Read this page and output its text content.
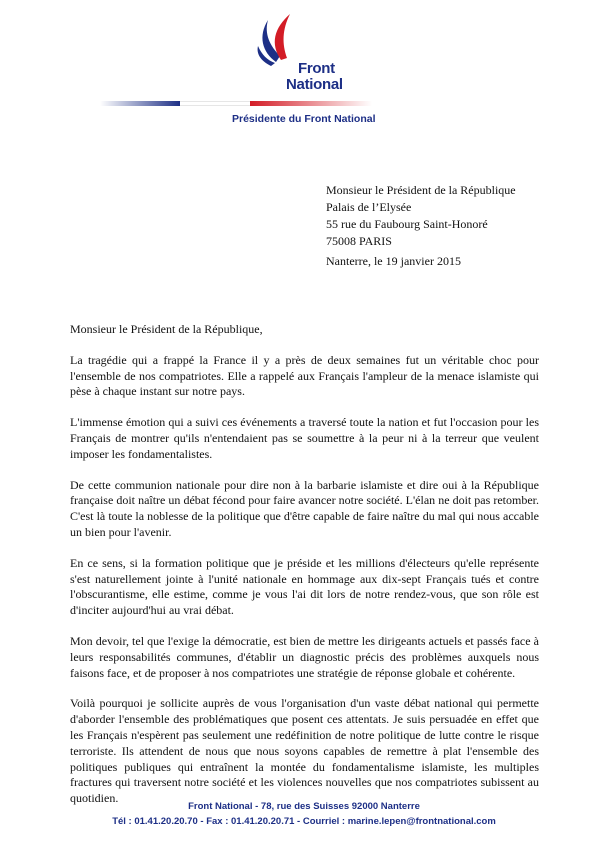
Front
National
Présidente du Front National
Monsieur le Président de la République
Palais de l’Elysée
55 rue du Faubourg Saint-Honoré
75008 PARIS
Nanterre, le 19 janvier 2015

Monsieur le Président de la République,

La tragédie qui a frappé la France il y a près de deux semaines fut un véritable choc pour l'ensemble de nos compatriotes. Elle a rappelé aux Français l'ampleur de la menace islamiste qui pèse à chaque instant sur notre pays.

L'immense émotion qui a suivi ces événements a traversé toute la nation et fut l'occasion pour les Français de montrer qu'ils n'entendaient pas se soumettre à la peur ni à la terreur que veulent imposer les fondamentalistes.

De cette communion nationale pour dire non à la barbarie islamiste et dire oui à la République française doit naître un débat fécond pour faire avancer notre société. L'élan ne doit pas retomber. C'est là toute la noblesse de la politique que d'être capable de faire naître du mal qui nous accable un bien pour l'avenir.

En ce sens, si la formation politique que je préside et les millions d'électeurs qu'elle représente s'est naturellement jointe à l'unité nationale en hommage aux dix-sept Français tués et contre l'obscurantisme, elle estime, comme je vous l'ai dit lors de notre rendez-vous, que son rôle est d'inciter aujourd'hui au vrai débat.

Mon devoir, tel que l'exige la démocratie, est bien de mettre les dirigeants actuels et passés face à leurs responsabilités communes, d'établir un diagnostic précis des problèmes auxquels nous faisons face, et de proposer à nos compatriotes une stratégie de réponse globale et cohérente.

Voilà pourquoi je sollicite auprès de vous l'organisation d'un vaste débat national qui permette d'aborder l'ensemble des problématiques que posent ces attentats. Je suis persuadée en effet que les Français n'espèrent pas seulement une redéfinition de notre politique de lutte contre le risque terroriste. Ils attendent de nous que nous soyons capables de remettre à plat l'ensemble des politiques publiques qui entraînent la montée du fondamentalisme islamiste, les multiples fractures qui traversent notre société et les violences nouvelles que nos compatriotes subissent au quotidien.

Front National - 78, rue des Suisses 92000 Nanterre
Tél : 01.41.20.20.70 - Fax : 01.41.20.20.71 - Courriel : marine.lepen@frontnational.com
